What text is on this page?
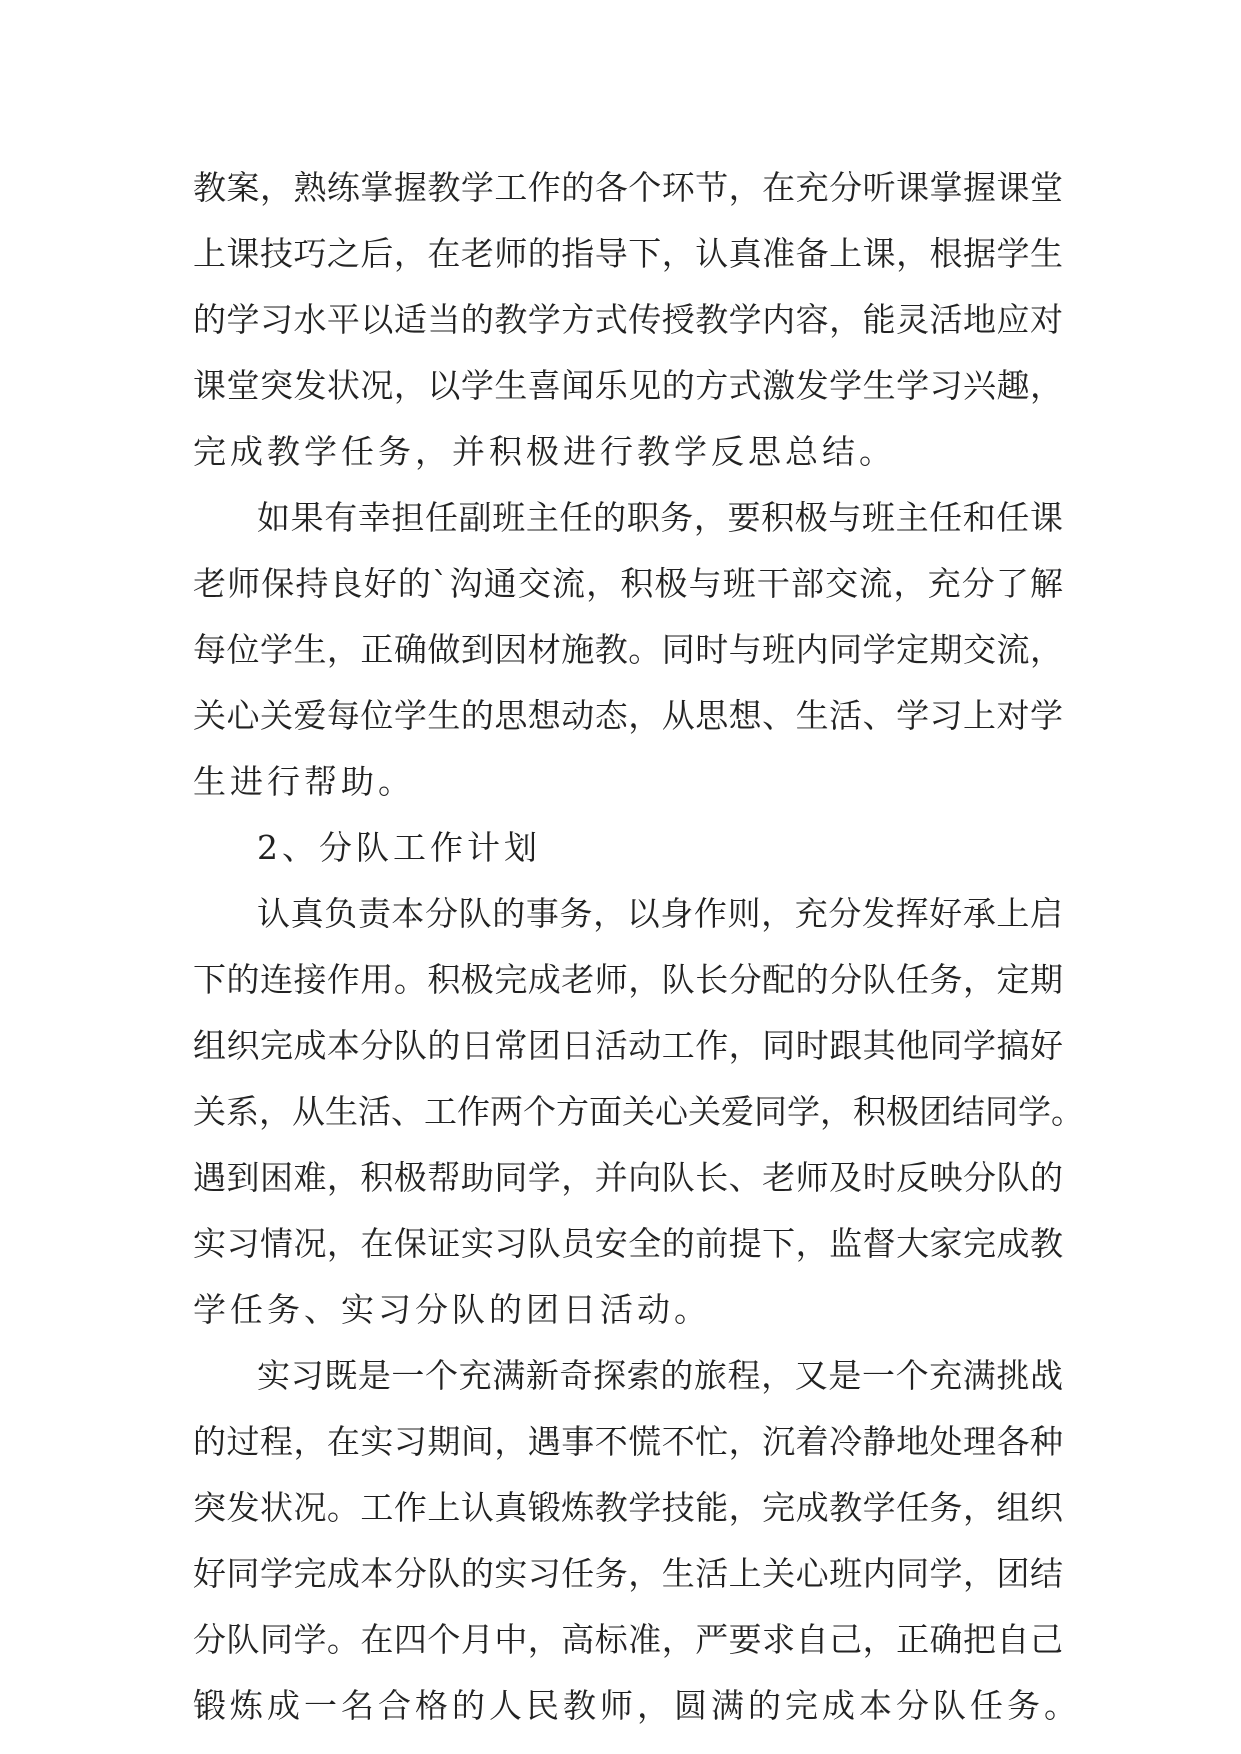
教案，熟练掌握教学工作的各个环节，在充分听课掌握课堂
上课技巧之后，在老师的指导下，认真准备上课，根据学生
的学习水平以适当的教学方式传授教学内容，能灵活地应对
课堂突发状况，以学生喜闻乐见的方式激发学生学习兴趣，
完成教学任务，并积极进行教学反思总结。
如果有幸担任副班主任的职务，要积极与班主任和任课
老师保持良好的`沟通交流，积极与班干部交流，充分了解
每位学生，正确做到因材施教。同时与班内同学定期交流，
关心关爱每位学生的思想动态，从思想、生活、学习上对学
生进行帮助。
2、分队工作计划
认真负责本分队的事务，以身作则，充分发挥好承上启
下的连接作用。积极完成老师，队长分配的分队任务，定期
组织完成本分队的日常团日活动工作，同时跟其他同学搞好
关系，从生活、工作两个方面关心关爱同学，积极团结同学。
遇到困难，积极帮助同学，并向队长、老师及时反映分队的
实习情况，在保证实习队员安全的前提下，监督大家完成教
学任务、实习分队的团日活动。
实习既是一个充满新奇探索的旅程，又是一个充满挑战
的过程，在实习期间，遇事不慌不忙，沉着冷静地处理各种
突发状况。工作上认真锻炼教学技能，完成教学任务，组织
好同学完成本分队的实习任务，生活上关心班内同学，团结
分队同学。在四个月中，高标准，严要求自己，正确把自己
锻炼成一名合格的人民教师，圆满的完成本分队任务。
